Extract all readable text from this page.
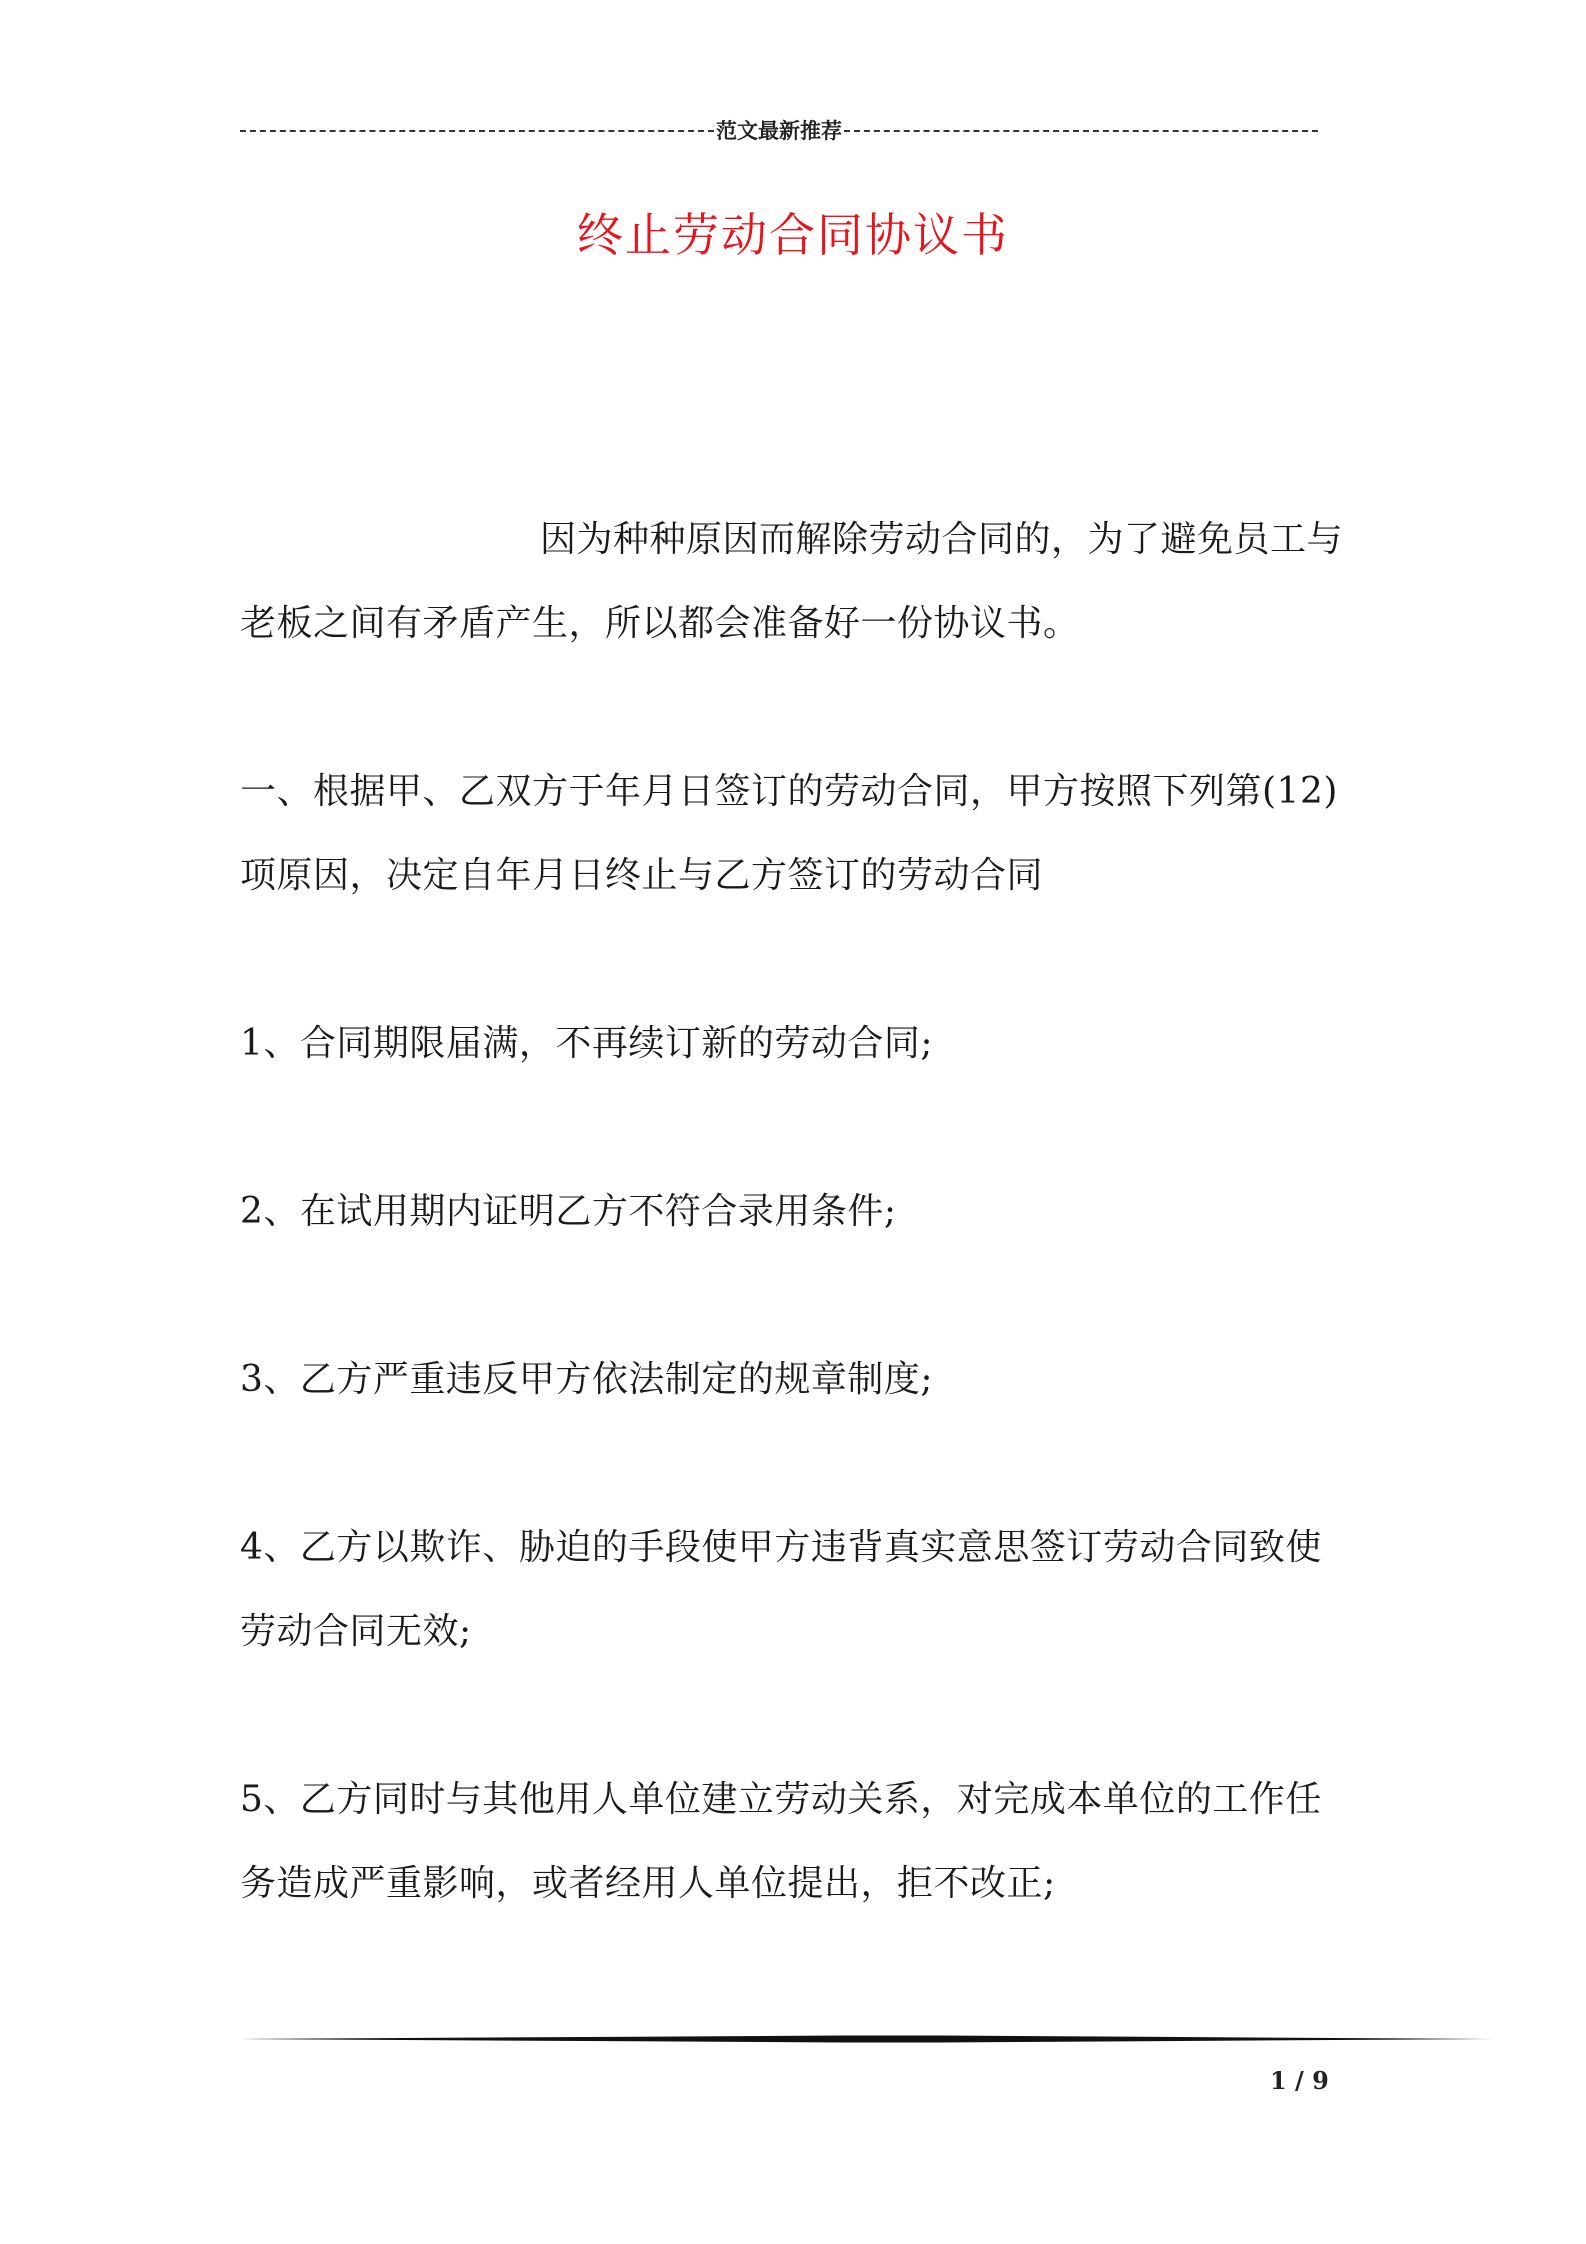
范文最新推荐
终止劳动合同协议书

因为种种原因而解除劳动合同的，为了避免员工与老板之间有矛盾产生，所以都会准备好一份协议书。

一、根据甲、乙双方于年月日签订的劳动合同，甲方按照下列第(12)项原因，决定自年月日终止与乙方签订的劳动合同

1、合同期限届满，不再续订新的劳动合同;

2、在试用期内证明乙方不符合录用条件;

3、乙方严重违反甲方依法制定的规章制度;

4、乙方以欺诈、胁迫的手段使甲方违背真实意思签订劳动合同致使劳动合同无效;

5、乙方同时与其他用人单位建立劳动关系，对完成本单位的工作任务造成严重影响，或者经用人单位提出，拒不改正;

1 / 9
